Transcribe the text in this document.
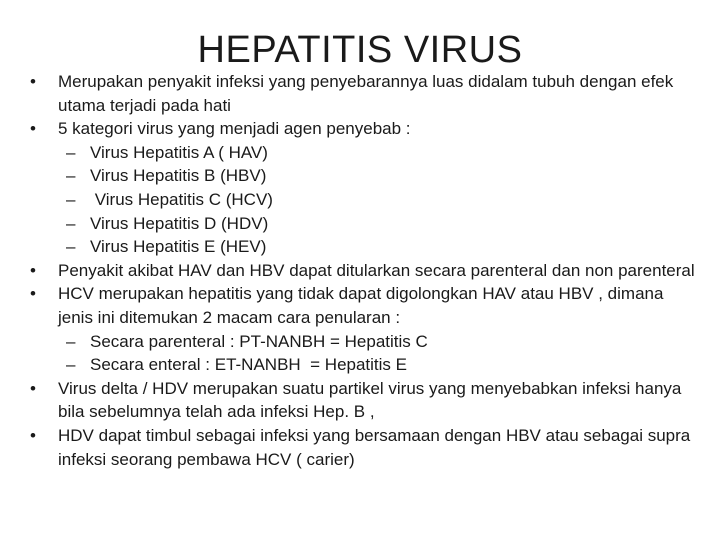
HEPATITIS VIRUS
•	Merupakan penyakit infeksi yang penyebarannya luas didalam tubuh dengan efek utama terjadi pada hati
•	5 kategori virus yang menjadi agen penyebab :
– Virus Hepatitis A ( HAV)
– Virus Hepatitis B (HBV)
– Virus Hepatitis C (HCV)
– Virus Hepatitis D (HDV)
– Virus Hepatitis E (HEV)
•	Penyakit akibat HAV dan HBV dapat ditularkan secara parenteral dan non parenteral
•	HCV merupakan hepatitis yang tidak dapat digolongkan HAV atau HBV , dimana jenis ini ditemukan 2 macam cara penularan :
– Secara parenteral : PT-NANBH = Hepatitis C
– Secara enteral : ET-NANBH  = Hepatitis E
•	Virus delta / HDV merupakan suatu partikel virus yang menyebabkan infeksi hanya bila sebelumnya telah ada infeksi Hep. B ,
•	HDV dapat timbul sebagai infeksi yang bersamaan dengan HBV atau sebagai supra infeksi seorang pembawa HCV ( carier)
